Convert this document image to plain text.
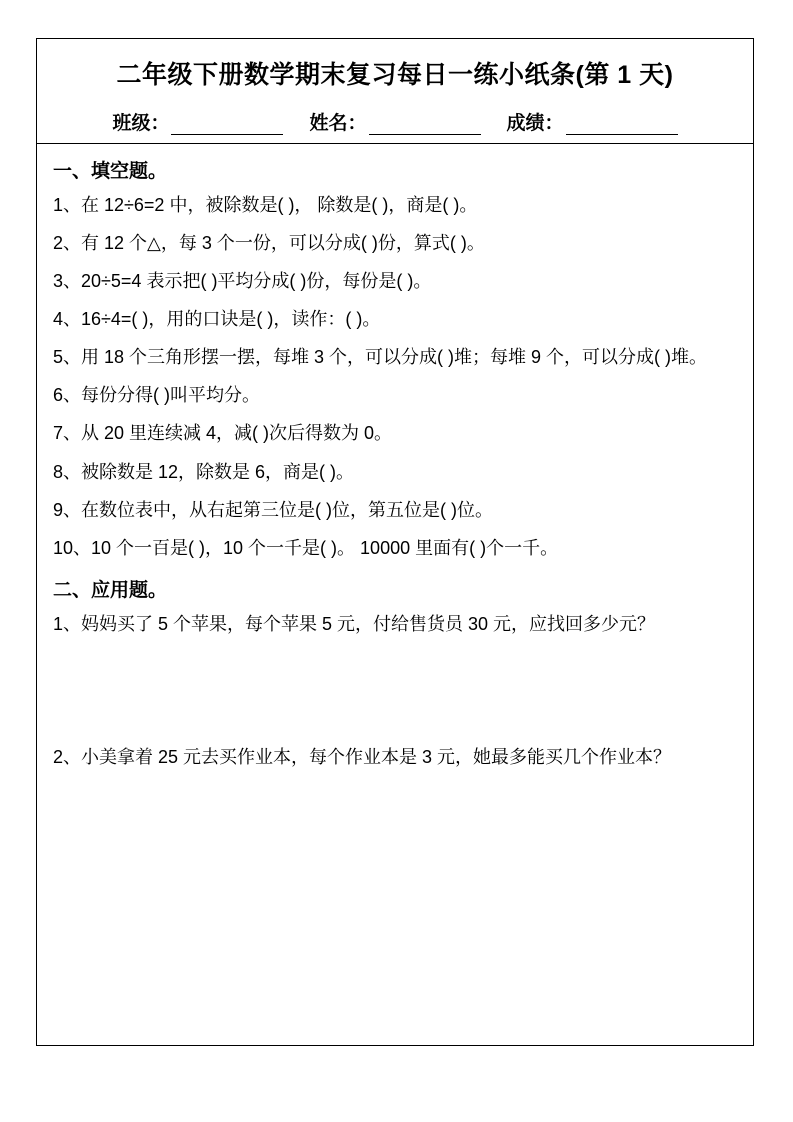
二年级下册数学期末复习每日一练小纸条(第 1 天)
班级：	姓名：	成绩：
一、填空题。

1、在 12÷6=2 中，被除数是( )， 除数是( )，商是( )。

2、有 12 个△，每 3 个一份，可以分成( )份，算式( )。

3、20÷5=4 表示把( )平均分成( )份，每份是( )。

4、16÷4=( )，用的口诀是( )，读作：( )。

5、用 18 个三角形摆一摆，每堆 3 个，可以分成( )堆；每堆 9 个，可以分成( )堆。

6、每份分得( )叫平均分。

7、从 20 里连续减 4，减( )次后得数为 0。

8、被除数是 12，除数是 6，商是( )。

9、在数位表中，从右起第三位是( )位，第五位是( )位。

10、10 个一百是( )，10 个一千是( )。 10000 里面有( )个一千。

二、应用题。

1、妈妈买了 5 个苹果，每个苹果 5 元，付给售货员 30 元，应找回多少元？

2、小美拿着 25 元去买作业本，每个作业本是 3 元，她最多能买几个作业本？
